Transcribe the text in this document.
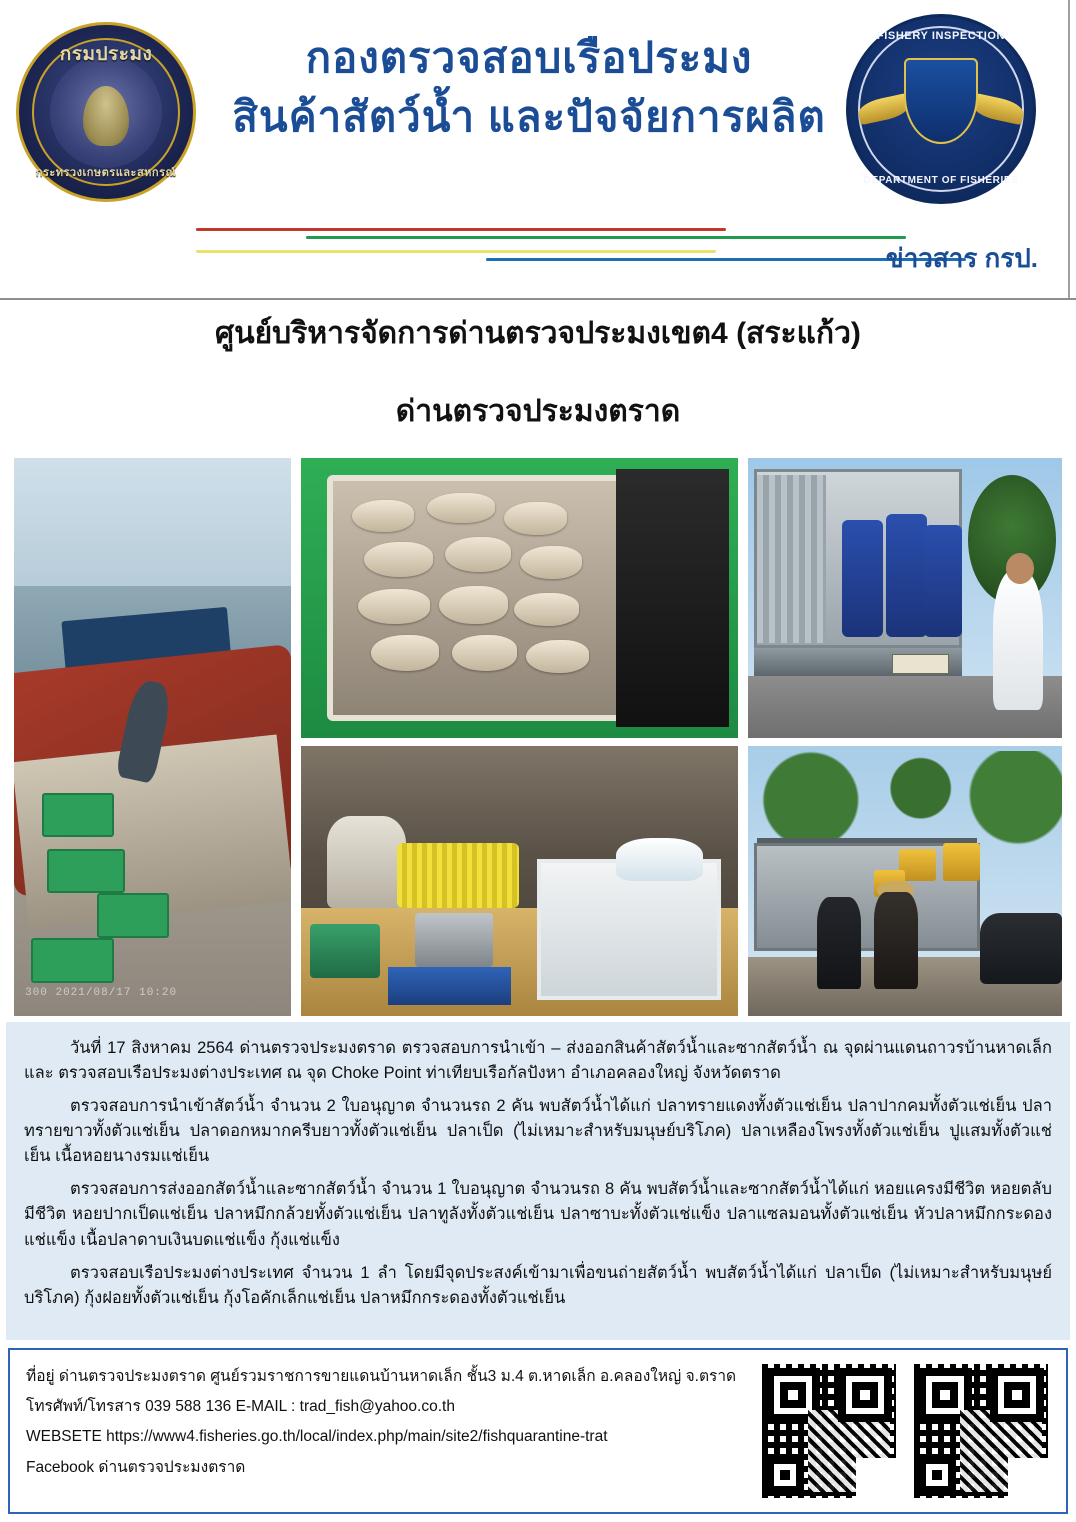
กรมประมง
กระทรวงเกษตรและสหกรณ์
กองตรวจสอบเรือประมง
สินค้าสัตว์น้ำ และปัจจัยการผลิต
FISHERY INSPECTION
DEPARTMENT OF FISHERIES
ข่าวสาร กรป.
ศูนย์บริหารจัดการด่านตรวจประมงเขต4 (สระแก้ว)
ด่านตรวจประมงตราด
300 2021/08/17 10:20

วันที่ 17 สิงหาคม 2564 ด่านตรวจประมงตราด ตรวจสอบการนำเข้า – ส่งออกสินค้าสัตว์น้ำและซากสัตว์น้ำ ณ จุดผ่านแดนถาวรบ้านหาดเล็ก และ ตรวจสอบเรือประมงต่างประเทศ ณ จุด Choke Point ท่าเทียบเรือกัลปังหา อำเภอคลองใหญ่ จังหวัดตราด

ตรวจสอบการนำเข้าสัตว์น้ำ จำนวน 2 ใบอนุญาต จำนวนรถ 2 คัน พบสัตว์น้ำได้แก่ ปลาทรายแดงทั้งตัวแช่เย็น ปลาปากคมทั้งตัวแช่เย็น ปลาทรายขาวทั้งตัวแช่เย็น ปลาดอกหมากครีบยาวทั้งตัวแช่เย็น ปลาเป็ด (ไม่เหมาะสำหรับมนุษย์บริโภค) ปลาเหลืองโพรงทั้งตัวแช่เย็น ปูแสมทั้งตัวแช่เย็น เนื้อหอยนางรมแช่เย็น

ตรวจสอบการส่งออกสัตว์น้ำและซากสัตว์น้ำ จำนวน 1 ใบอนุญาต จำนวนรถ 8 คัน พบสัตว์น้ำและซากสัตว์น้ำได้แก่ หอยแครงมีชีวิต หอยตลับมีชีวิต หอยปากเป็ดแช่เย็น ปลาหมึกกล้วยทั้งตัวแช่เย็น ปลาทูลังทั้งตัวแช่เย็น ปลาซาบะทั้งตัวแช่แข็ง ปลาแซลมอนทั้งตัวแช่เย็น หัวปลาหมึกกระดองแช่แข็ง เนื้อปลาดาบเงินบดแช่แข็ง กุ้งแช่แข็ง

ตรวจสอบเรือประมงต่างประเทศ จำนวน 1 ลำ โดยมีจุดประสงค์เข้ามาเพื่อขนถ่ายสัตว์น้ำ พบสัตว์น้ำได้แก่ ปลาเป็ด (ไม่เหมาะสำหรับมนุษย์บริโภค) กุ้งฝอยทั้งตัวแช่เย็น กุ้งโอคักเล็กแช่เย็น ปลาหมึกกระดองทั้งตัวแช่เย็น

ที่อยู่ ด่านตรวจประมงตราด ศูนย์รวมราชการขายแดนบ้านหาดเล็ก ชั้น3 ม.4 ต.หาดเล็ก อ.คลองใหญ่ จ.ตราด
โทรศัพท์/โทรสาร 039 588 136 E-MAIL : trad_fish@yahoo.co.th
WEBSETE https://www4.fisheries.go.th/local/index.php/main/site2/fishquarantine-trat
Facebook ด่านตรวจประมงตราด
